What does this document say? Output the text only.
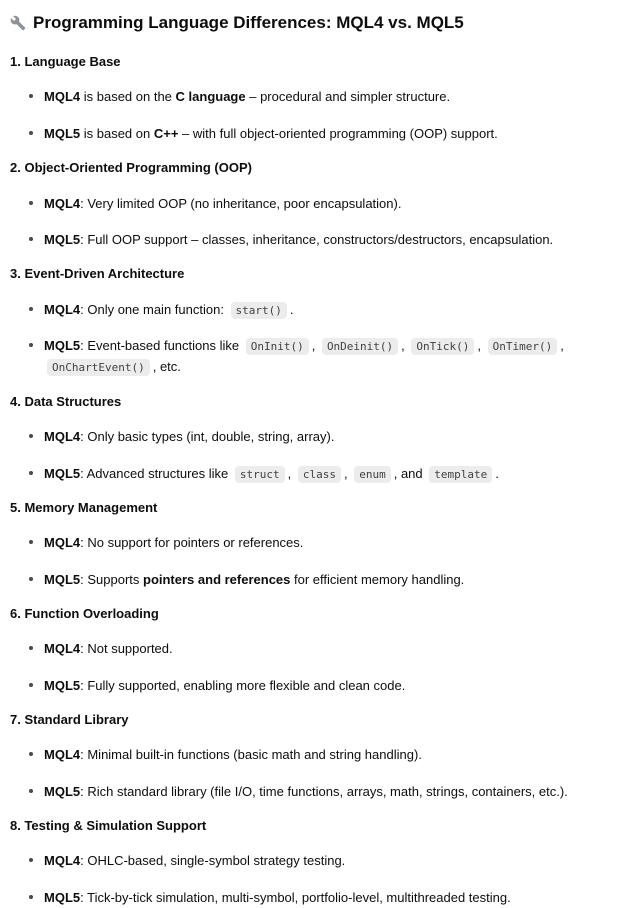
Programming Language Differences: MQL4 vs. MQL5
1. Language Base
MQL4 is based on the C language – procedural and simpler structure.
MQL5 is based on C++ – with full object-oriented programming (OOP) support.
2. Object-Oriented Programming (OOP)
MQL4: Very limited OOP (no inheritance, poor encapsulation).
MQL5: Full OOP support – classes, inheritance, constructors/destructors, encapsulation.
3. Event-Driven Architecture
MQL4: Only one main function: start() .
MQL5: Event-based functions like OnInit() , OnDeinit() , OnTick() , OnTimer() , OnChartEvent() , etc.
4. Data Structures
MQL4: Only basic types (int, double, string, array).
MQL5: Advanced structures like struct , class , enum , and template .
5. Memory Management
MQL4: No support for pointers or references.
MQL5: Supports pointers and references for efficient memory handling.
6. Function Overloading
MQL4: Not supported.
MQL5: Fully supported, enabling more flexible and clean code.
7. Standard Library
MQL4: Minimal built-in functions (basic math and string handling).
MQL5: Rich standard library (file I/O, time functions, arrays, math, strings, containers, etc.).
8. Testing & Simulation Support
MQL4: OHLC-based, single-symbol strategy testing.
MQL5: Tick-by-tick simulation, multi-symbol, portfolio-level, multithreaded testing.
